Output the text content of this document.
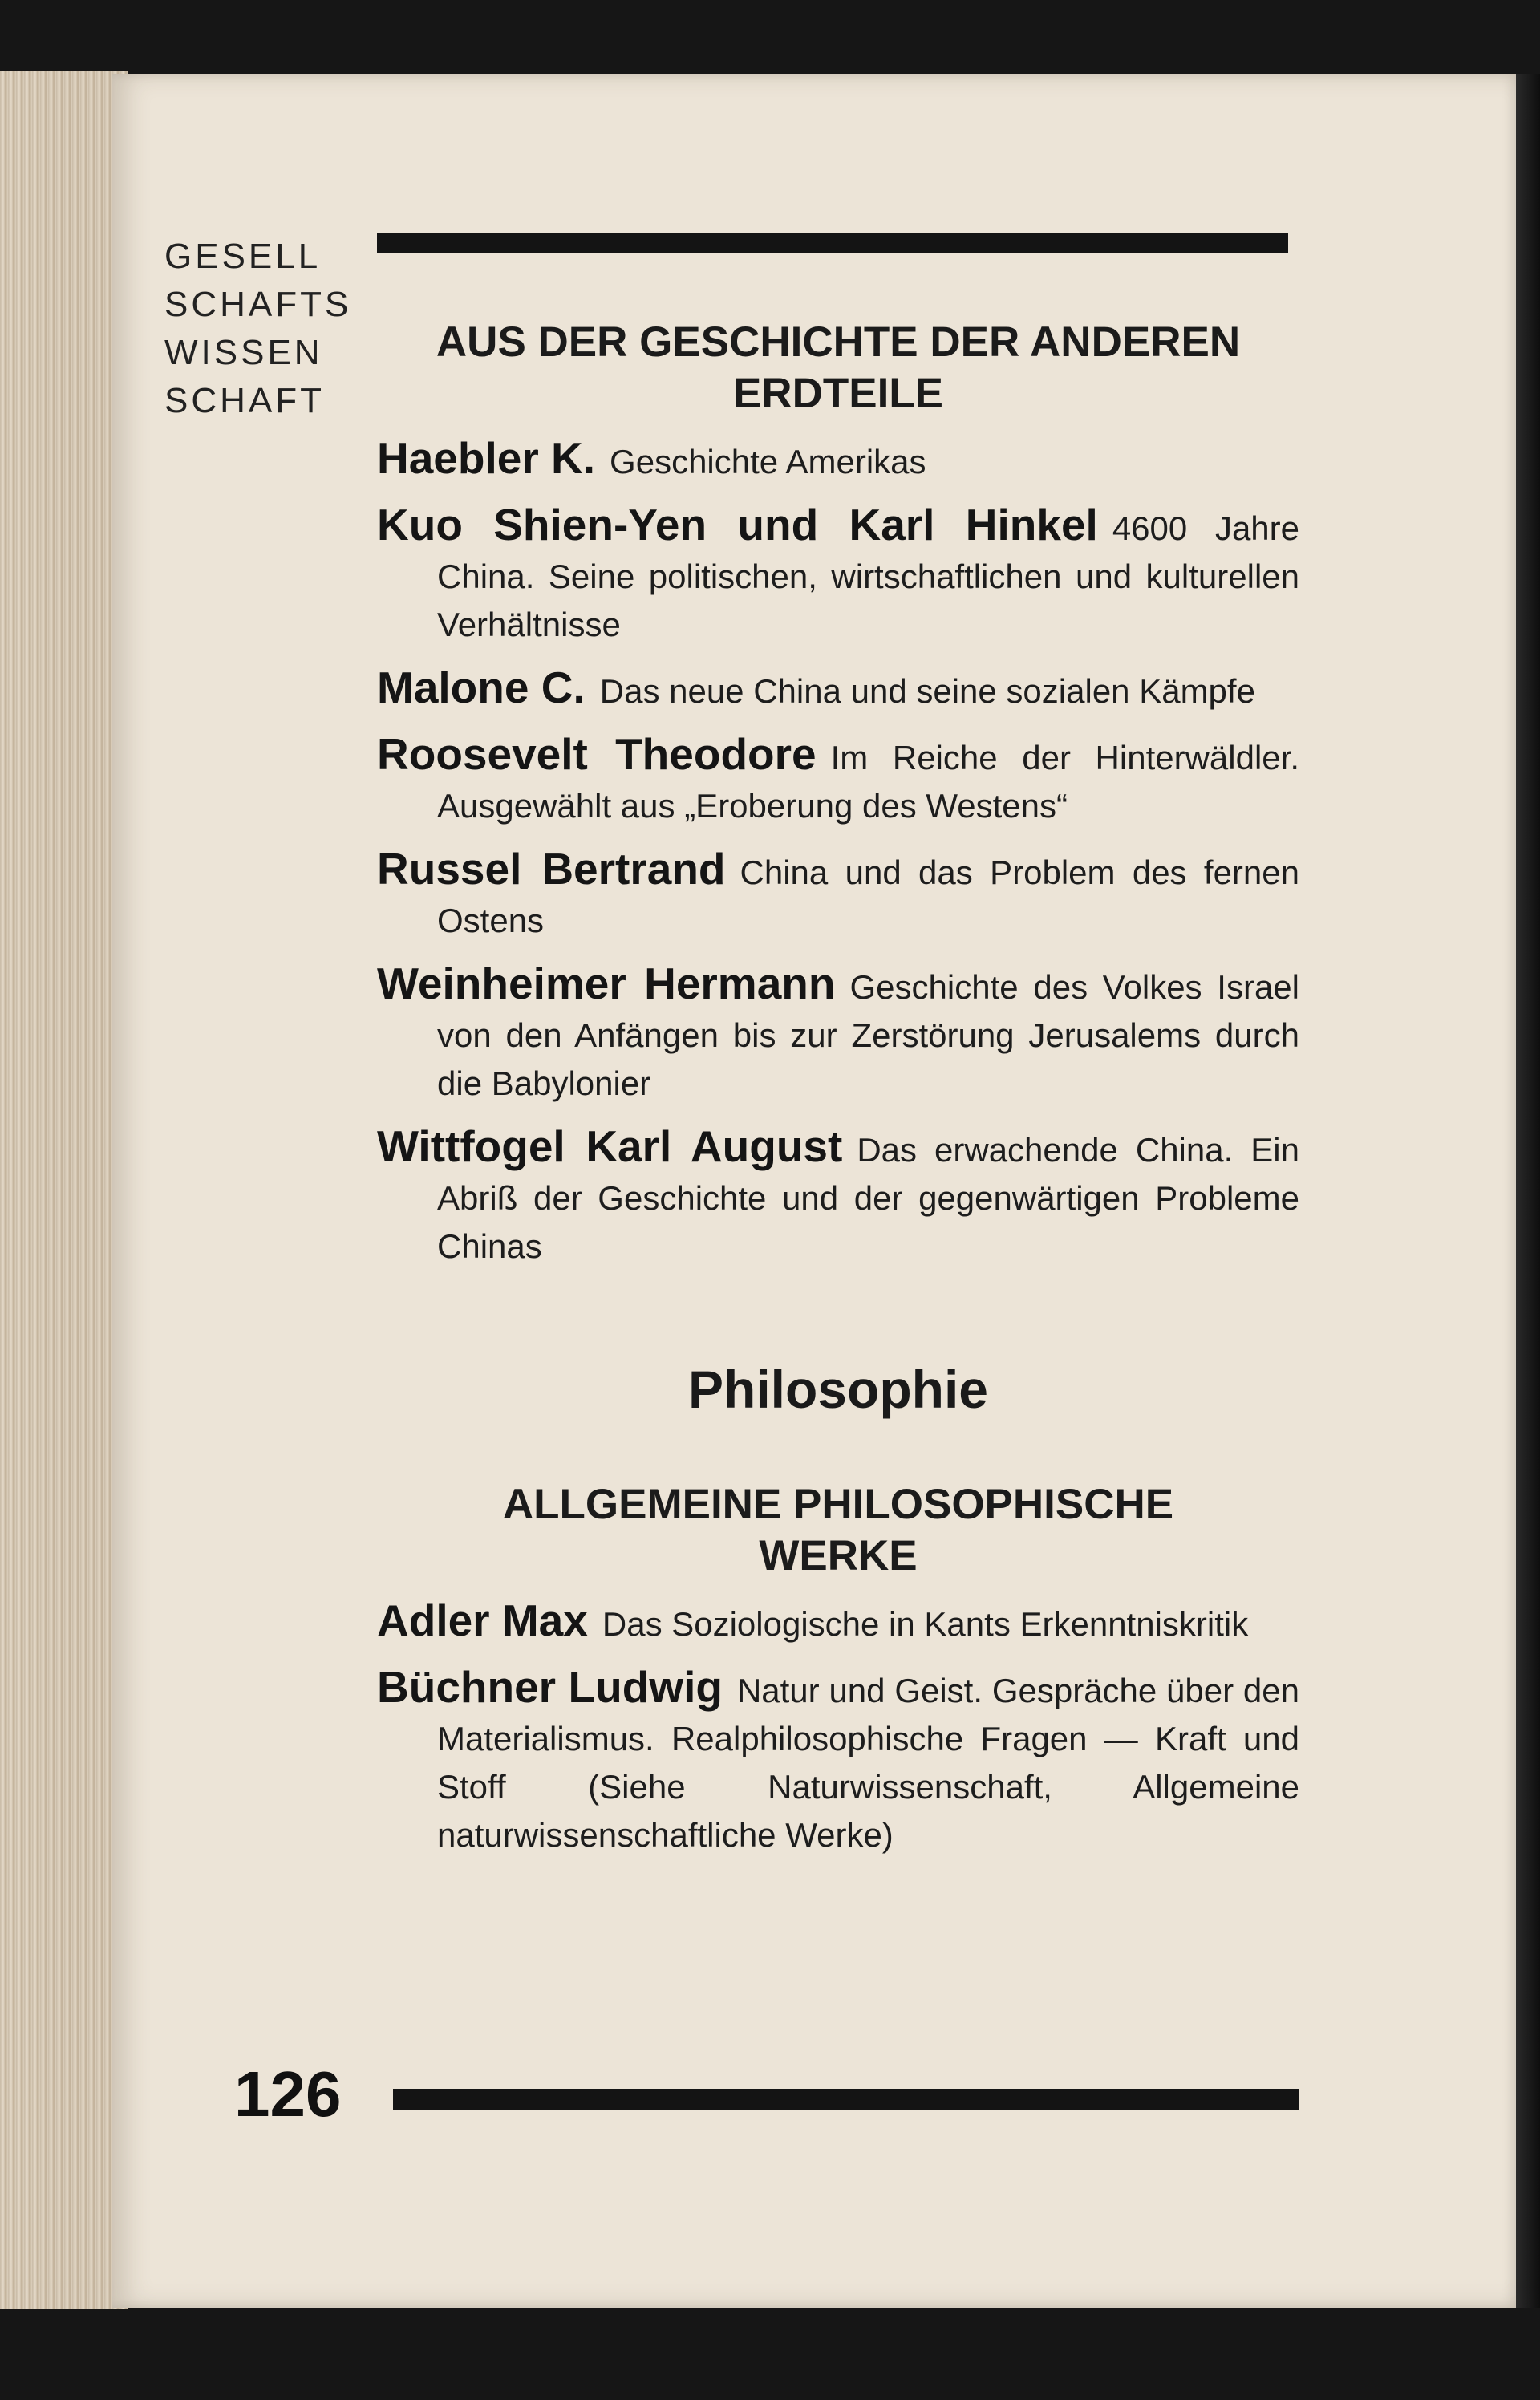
GESELL
SCHAFTS
WISSEN
SCHAFT
AUS DER GESCHICHTE DER ANDEREN
ERDTEILE
Haebler K. Geschichte Amerikas
Kuo Shien-Yen und Karl Hinkel 4600 Jahre China. Seine politischen, wirtschaftlichen und kulturellen Verhältnisse
Malone C. Das neue China und seine sozialen Kämpfe
Roosevelt Theodore Im Reiche der Hinterwäldler. Ausgewählt aus „Eroberung des Westens“
Russel Bertrand China und das Problem des fernen Ostens
Weinheimer Hermann Geschichte des Volkes Israel von den Anfängen bis zur Zerstörung Jerusalems durch die Babylonier
Wittfogel Karl August Das erwachende China. Ein Abriß der Geschichte und der gegenwärtigen Probleme Chinas
Philosophie
ALLGEMEINE PHILOSOPHISCHE
WERKE
Adler Max Das Soziologische in Kants Erkenntniskritik
Büchner Ludwig Natur und Geist. Gespräche über den Materialismus. Realphilosophische Fragen — Kraft und Stoff (Siehe Naturwissenschaft, Allgemeine naturwissenschaftliche Werke)
126
